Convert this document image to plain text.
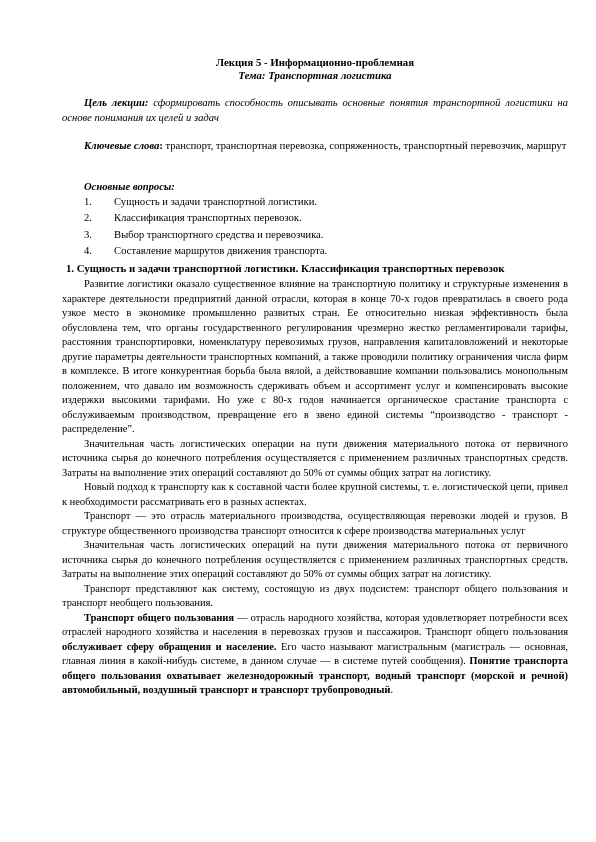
Лекция 5 - Информационно-проблемная
Тема: Транспортная логистика
Цель лекции: сформировать способность описывать основные понятия транспортной логистики на основе понимания их целей и задач
Ключевые слова: транспорт, транспортная перевозка, сопряженность, транспортный перевозчик, маршрут
Основные вопросы:
1.	Сущность и задачи транспортной логистики.
2.	Классификация транспортных перевозок.
3.	Выбор транспортного средства и перевозчика.
4.	Составление маршрутов движения транспорта.
1. Сущность и задачи транспортной логистики. Классификация транспортных перевозок

Развитие логистики оказало существенное влияние на транспортную политику и структурные изменения в характере деятельности предприятий данной отрасли, которая в конце 70-х годов превратилась в своего рода узкое место в экономике промышленно развитых стран. Ее относительно низкая эффективность была обусловлена тем, что органы государственного регулирования чрезмерно жестко регламентировали тарифы, расстояния транспортировки, номенклатуру перевозимых грузов, направления капиталовложений и некоторые другие параметры деятельности транспортных компаний, а также проводили политику ограничения числа фирм в комплексе. В итоге конкурентная борьба была вялой, а действовавшие компании пользовались монопольным положением, что давало им возможность сдерживать объем и ассортимент услуг и компенсировать высокие издержки высокими тарифами. Но уже с 80-х годов начинается органическое срастание транспорта с обслуживаемым производством, превращение его в звено единой системы “производство - транспорт - распределение”.

Значительная часть логистических операции на пути движения материального потока от первичного источника сырья до конечного потребления осуществляется с применением различных транспортных средств. Затраты на выполнение этих операций составляют до 50% от суммы общих затрат на логистику.

Новый подход к транспорту как к составной части более крупной системы, т. е. логистической цепи, привел к необходимости рассматривать его в разных аспектах.

Транспорт — это отрасль материального производства, осуществляющая перевозки людей и грузов. В структуре общественного производства транспорт относится к сфере производства материальных услуг

Значительная часть логистических операций на пути движения материального потока от первичного источника сырья до конечного потребления осуществляется с применением различных транспортных средств. Затраты на выполнение этих операций составляют до 50% от суммы общих затрат на логистику.

Транспорт представляют как систему, состоящую из двух подсистем: транспорт общего пользования и транспорт необщего пользования.

Транспорт общего пользования — отрасль народного хозяйства, которая удовлетворяет потребности всех отраслей народного хозяйства и населения в перевозках грузов и пассажиров. Транспорт общего пользования обслуживает сферу обращения и население. Его часто называют магистральным (магистраль — основная, главная линия в какой-нибудь системе, в данном случае — в системе путей сообщения). Понятие транспорта общего пользования охватывает железнодорожный транспорт, водный транспорт (морской и речной) автомобильный, воздушный транспорт и транспорт трубопроводный.
